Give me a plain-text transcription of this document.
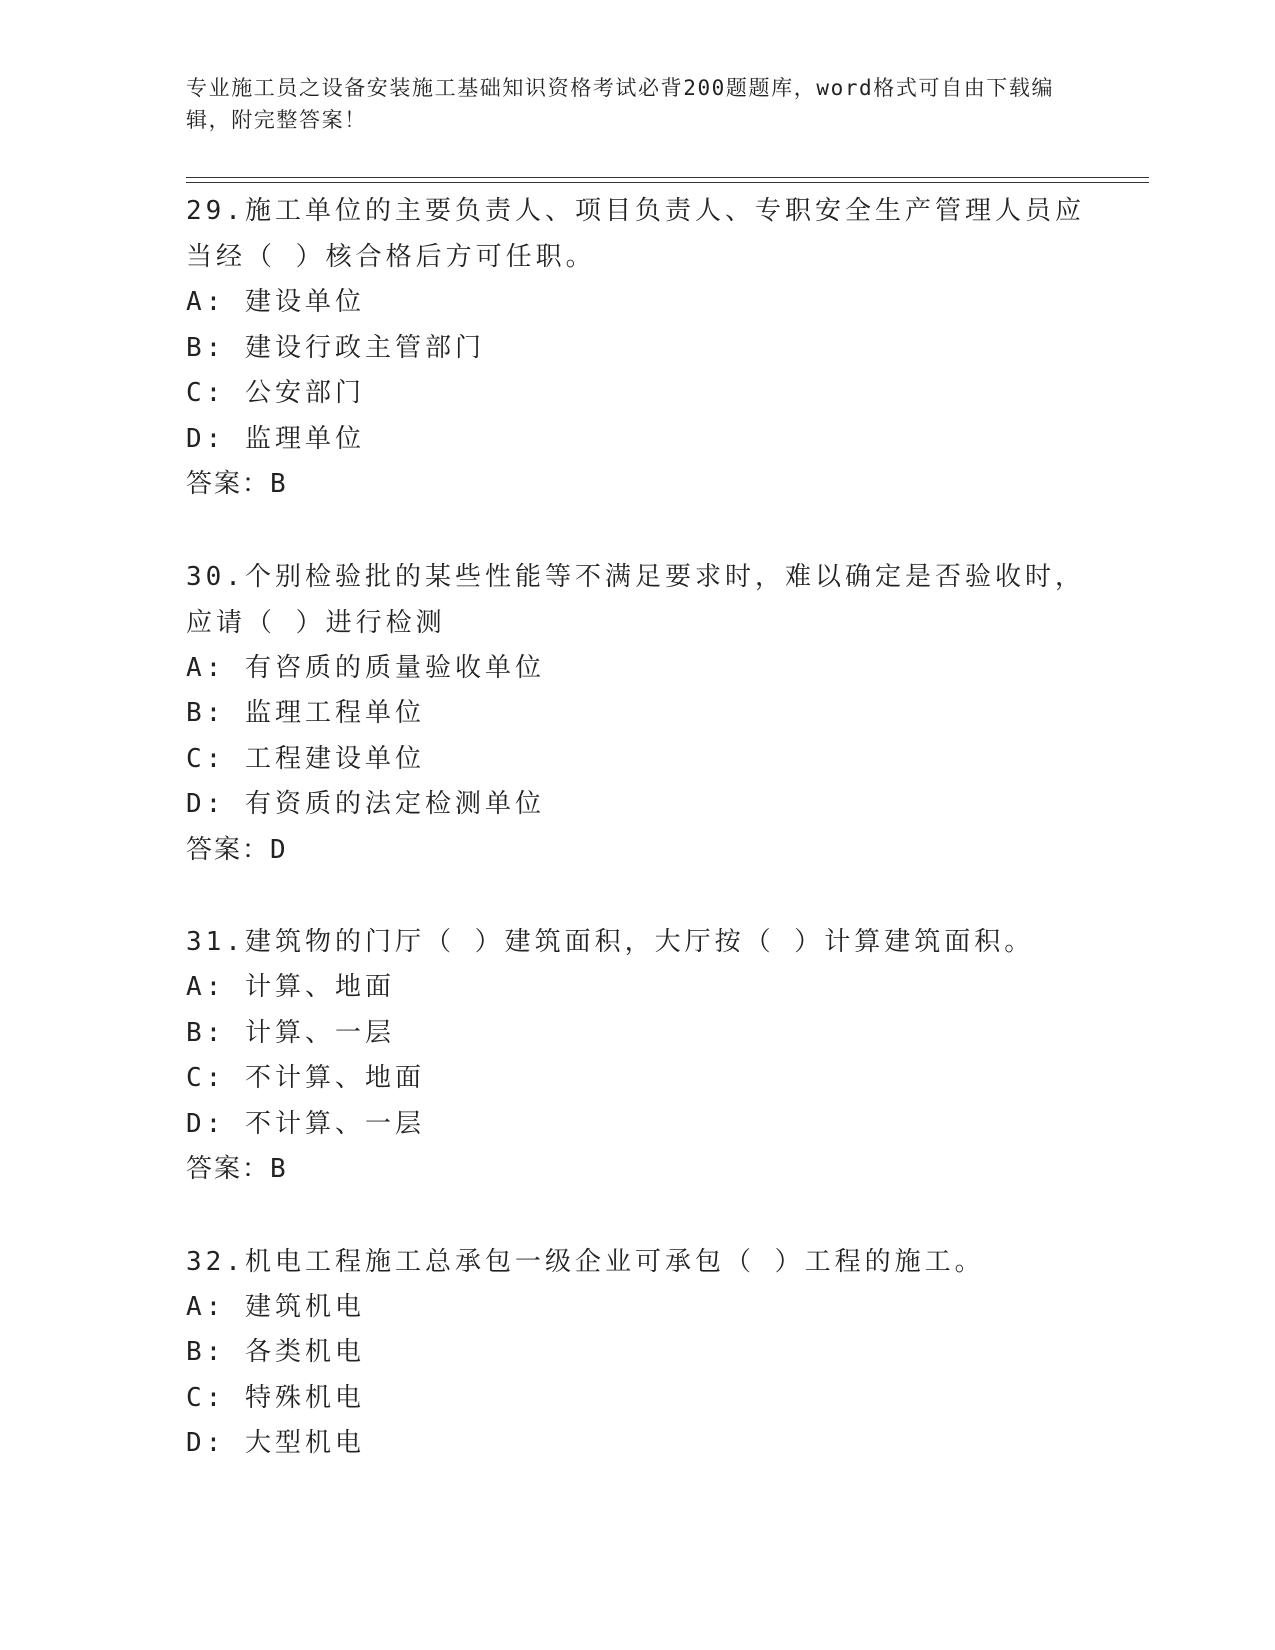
专业施工员之设备安装施工基础知识资格考试必背200题题库，word格式可自由下载编辑，附完整答案！

29.施工单位的主要负责人、项目负责人、专职安全生产管理人员应当经（ ）核合格后方可任职。

A: 建设单位

B: 建设行政主管部门

C: 公安部门

D: 监理单位

答案：B

30.个别检验批的某些性能等不满足要求时，难以确定是否验收时，应请（ ）进行检测

A: 有咨质的质量验收单位

B: 监理工程单位

C: 工程建设单位

D: 有资质的法定检测单位

答案：D

31.建筑物的门厅（ ）建筑面积，大厅按（ ）计算建筑面积。

A: 计算、地面

B: 计算、一层

C: 不计算、地面

D: 不计算、一层

答案：B

32.机电工程施工总承包一级企业可承包（ ）工程的施工。

A: 建筑机电

B: 各类机电

C: 特殊机电

D: 大型机电
